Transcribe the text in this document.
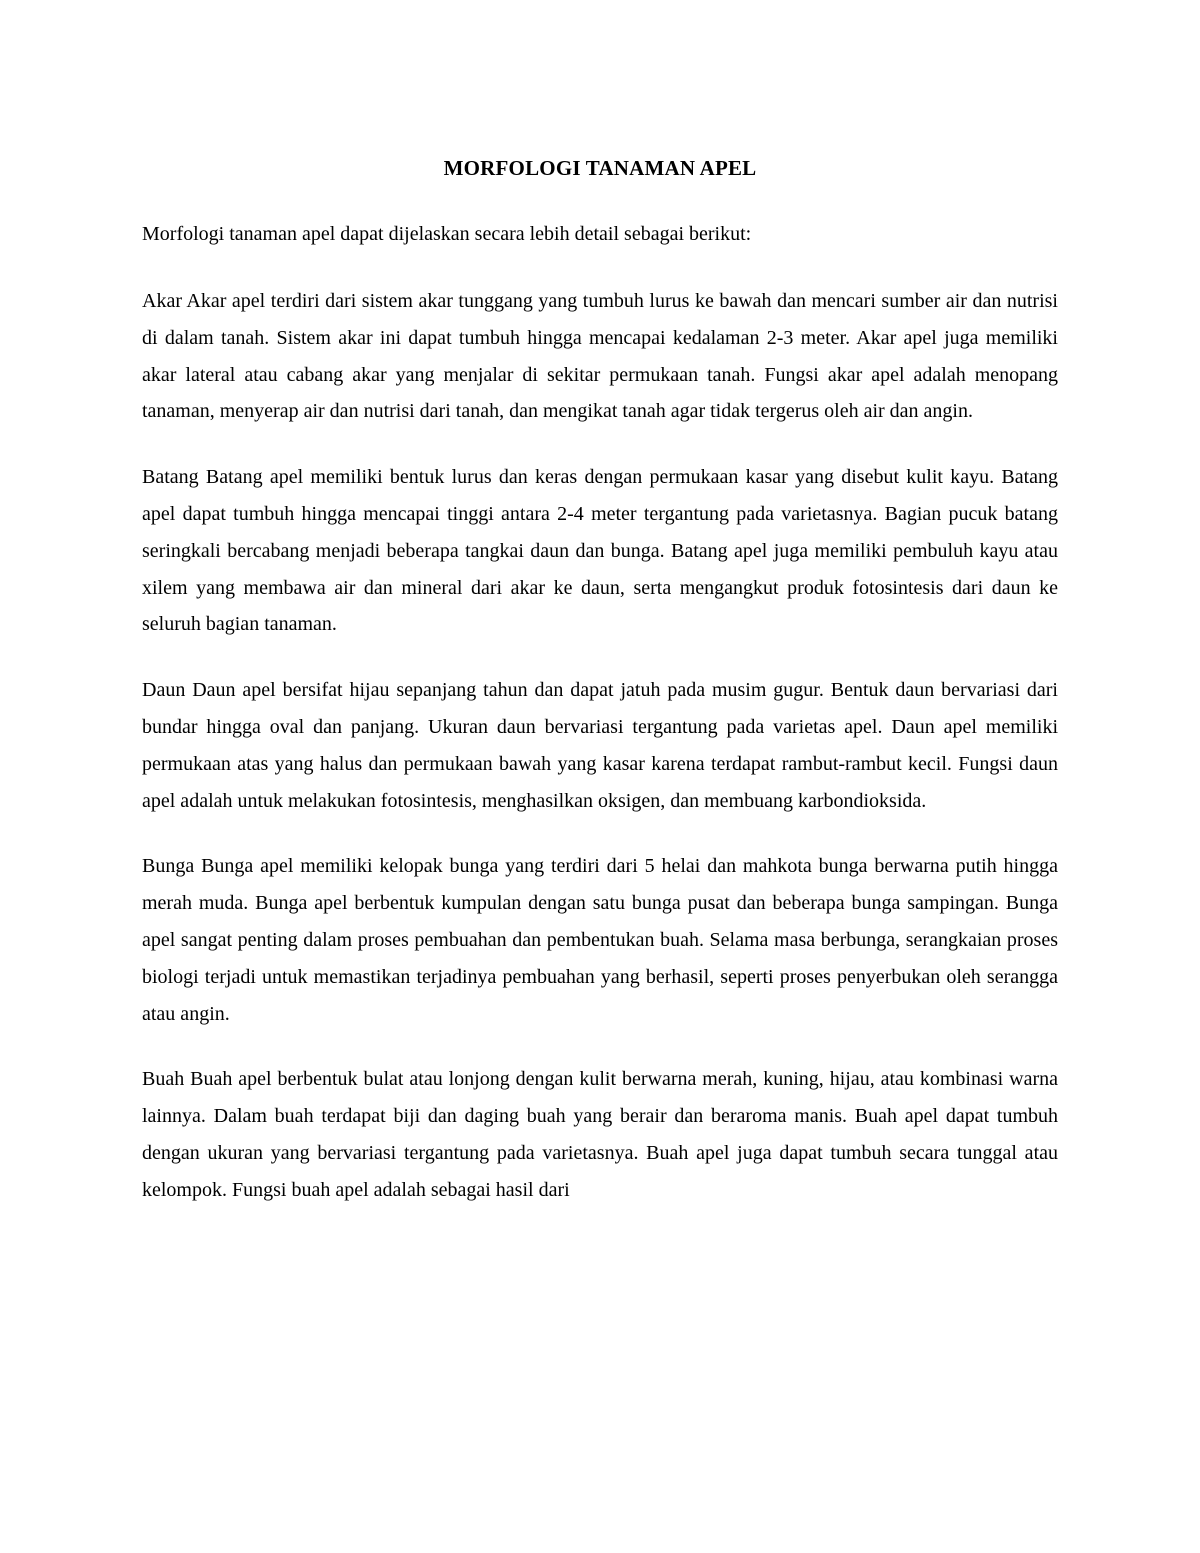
MORFOLOGI TANAMAN APEL

Morfologi tanaman apel dapat dijelaskan secara lebih detail sebagai berikut:

Akar Akar apel terdiri dari sistem akar tunggang yang tumbuh lurus ke bawah dan mencari sumber air dan nutrisi di dalam tanah. Sistem akar ini dapat tumbuh hingga mencapai kedalaman 2-3 meter. Akar apel juga memiliki akar lateral atau cabang akar yang menjalar di sekitar permukaan tanah. Fungsi akar apel adalah menopang tanaman, menyerap air dan nutrisi dari tanah, dan mengikat tanah agar tidak tergerus oleh air dan angin.

Batang Batang apel memiliki bentuk lurus dan keras dengan permukaan kasar yang disebut kulit kayu. Batang apel dapat tumbuh hingga mencapai tinggi antara 2-4 meter tergantung pada varietasnya. Bagian pucuk batang seringkali bercabang menjadi beberapa tangkai daun dan bunga. Batang apel juga memiliki pembuluh kayu atau xilem yang membawa air dan mineral dari akar ke daun, serta mengangkut produk fotosintesis dari daun ke seluruh bagian tanaman.

Daun Daun apel bersifat hijau sepanjang tahun dan dapat jatuh pada musim gugur. Bentuk daun bervariasi dari bundar hingga oval dan panjang. Ukuran daun bervariasi tergantung pada varietas apel. Daun apel memiliki permukaan atas yang halus dan permukaan bawah yang kasar karena terdapat rambut-rambut kecil. Fungsi daun apel adalah untuk melakukan fotosintesis, menghasilkan oksigen, dan membuang karbondioksida.

Bunga Bunga apel memiliki kelopak bunga yang terdiri dari 5 helai dan mahkota bunga berwarna putih hingga merah muda. Bunga apel berbentuk kumpulan dengan satu bunga pusat dan beberapa bunga sampingan. Bunga apel sangat penting dalam proses pembuahan dan pembentukan buah. Selama masa berbunga, serangkaian proses biologi terjadi untuk memastikan terjadinya pembuahan yang berhasil, seperti proses penyerbukan oleh serangga atau angin.

Buah Buah apel berbentuk bulat atau lonjong dengan kulit berwarna merah, kuning, hijau, atau kombinasi warna lainnya. Dalam buah terdapat biji dan daging buah yang berair dan beraroma manis. Buah apel dapat tumbuh dengan ukuran yang bervariasi tergantung pada varietasnya. Buah apel juga dapat tumbuh secara tunggal atau kelompok. Fungsi buah apel adalah sebagai hasil dari
